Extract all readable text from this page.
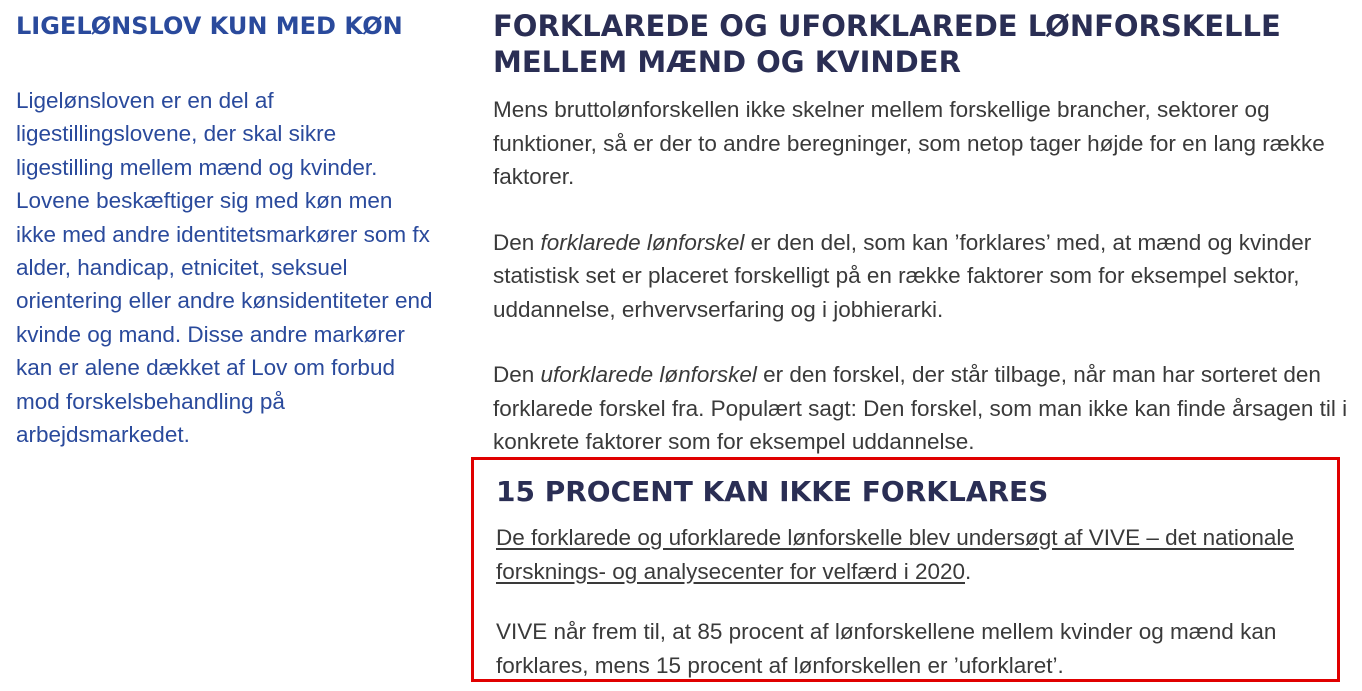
LIGELØNSLOV KUN MED KØN

Ligelønsloven er en del af ligestillingslovene, der skal sikre ligestilling mellem mænd og kvinder. Lovene beskæftiger sig med køn men ikke med andre identitetsmarkører som fx alder, handicap, etnicitet, seksuel orientering eller andre kønsidentiteter end kvinde og mand. Disse andre markører kan er alene dækket af Lov om forbud mod forskelsbehandling på arbejdsmarkedet.

FORKLAREDE OG UFORKLAREDE LØNFORSKELLE MELLEM MÆND OG KVINDER

Mens bruttolønforskellen ikke skelner mellem forskellige brancher, sektorer og funktioner, så er der to andre beregninger, som netop tager højde for en lang række faktorer.

Den forklarede lønforskel er den del, som kan ’forklares’ med, at mænd og kvinder statistisk set er placeret forskelligt på en række faktorer som for eksempel sektor, uddannelse, erhvervserfaring og i jobhierarki.

Den uforklarede lønforskel er den forskel, der står tilbage, når man har sorteret den forklarede forskel fra. Populært sagt: Den forskel, som man ikke kan finde årsagen til i konkrete faktorer som for eksempel uddannelse.

15 PROCENT KAN IKKE FORKLARES

De forklarede og uforklarede lønforskelle blev undersøgt af VIVE – det nationale forsknings- og analysecenter for velfærd i 2020.

VIVE når frem til, at 85 procent af lønforskellene mellem kvinder og mænd kan forklares, mens 15 procent af lønforskellen er ’uforklaret’.
